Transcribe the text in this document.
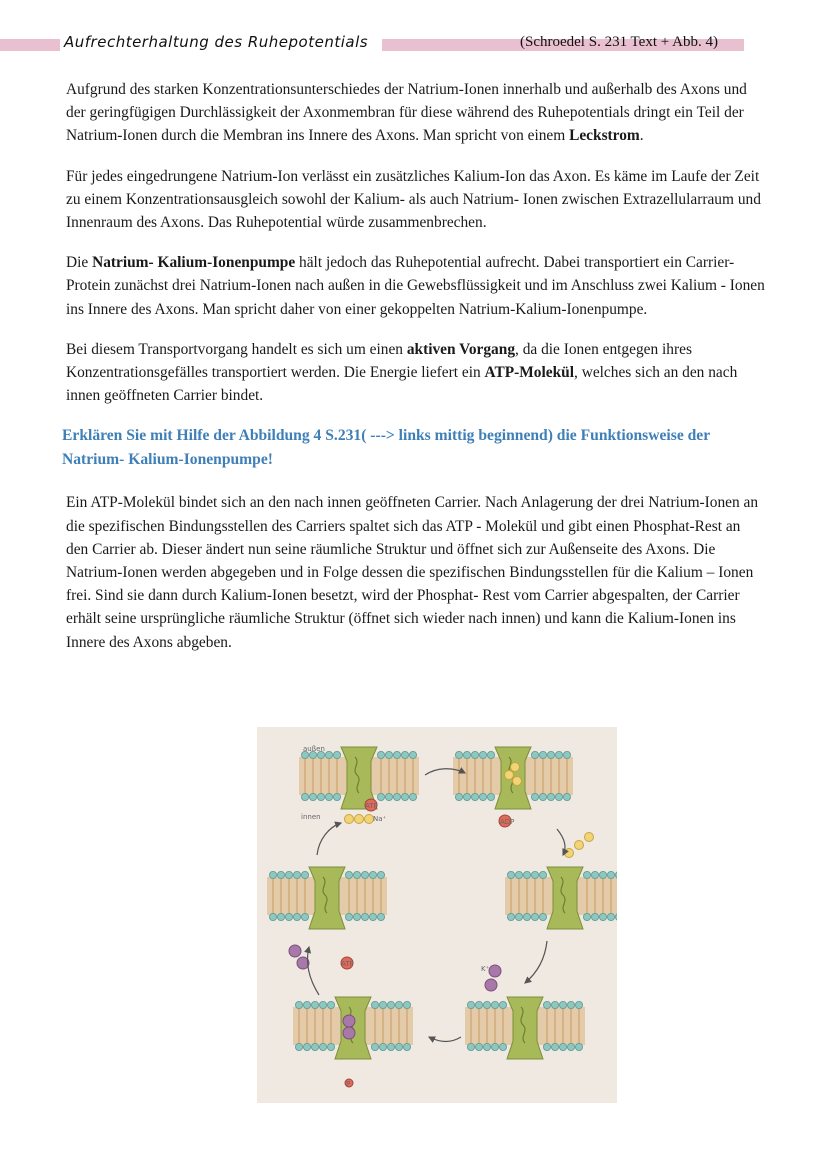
Aufrechterhaltung des Ruhepotentials	(Schroedel S. 231 Text + Abb. 4)

Aufgrund des starken Konzentrationsunterschiedes der Natrium-Ionen innerhalb und außerhalb des Axons und der geringfügigen Durchlässigkeit der Axonmembran für diese während des Ruhepotentials dringt ein Teil der Natrium-Ionen durch die Membran ins Innere des Axons. Man spricht von einem Leckstrom.

Für jedes eingedrungene Natrium-Ion verlässt ein zusätzliches Kalium-Ion das Axon. Es käme im Laufe der Zeit zu einem Konzentrationsausgleich sowohl der Kalium- als auch Natrium- Ionen zwischen Extrazellularraum und Innenraum des Axons. Das Ruhepotential würde zusammenbrechen.

Die Natrium- Kalium-Ionenpumpe hält jedoch das Ruhepotential aufrecht. Dabei transportiert ein Carrier-Protein zunächst drei Natrium-Ionen nach außen in die Gewebsflüssigkeit und im Anschluss zwei Kalium - Ionen ins Innere des Axons. Man spricht daher von einer gekoppelten Natrium-Kalium-Ionenpumpe.

Bei diesem Transportvorgang handelt es sich um einen aktiven Vorgang, da die Ionen entgegen ihres Konzentrationsgefälles transportiert werden. Die Energie liefert ein ATP-Molekül, welches sich an den nach innen geöffneten Carrier bindet.

Erklären Sie mit Hilfe der Abbildung 4 S.231( ---> links mittig beginnend) die Funktionsweise der Natrium- Kalium-Ionenpumpe!

Ein ATP-Molekül bindet sich an den nach innen geöffneten Carrier. Nach Anlagerung der drei Natrium-Ionen an die spezifischen Bindungsstellen des Carriers spaltet sich das ATP - Molekül und gibt einen Phosphat-Rest an den Carrier ab. Dieser ändert nun seine räumliche Struktur und öffnet sich zur Außenseite des Axons. Die Natrium-Ionen werden abgegeben und in Folge dessen die spezifischen Bindungsstellen für die Kalium – Ionen frei. Sind sie dann durch Kalium-Ionen besetzt, wird der Phosphat- Rest vom Carrier abgespalten, der Carrier erhält seine ursprüngliche räumliche Struktur (öffnet sich wieder nach innen) und kann die Kalium-Ionen ins Innere des Axons abgeben.

außen
innen
ATP
Na⁺	ADP
ATP
P
K⁺
